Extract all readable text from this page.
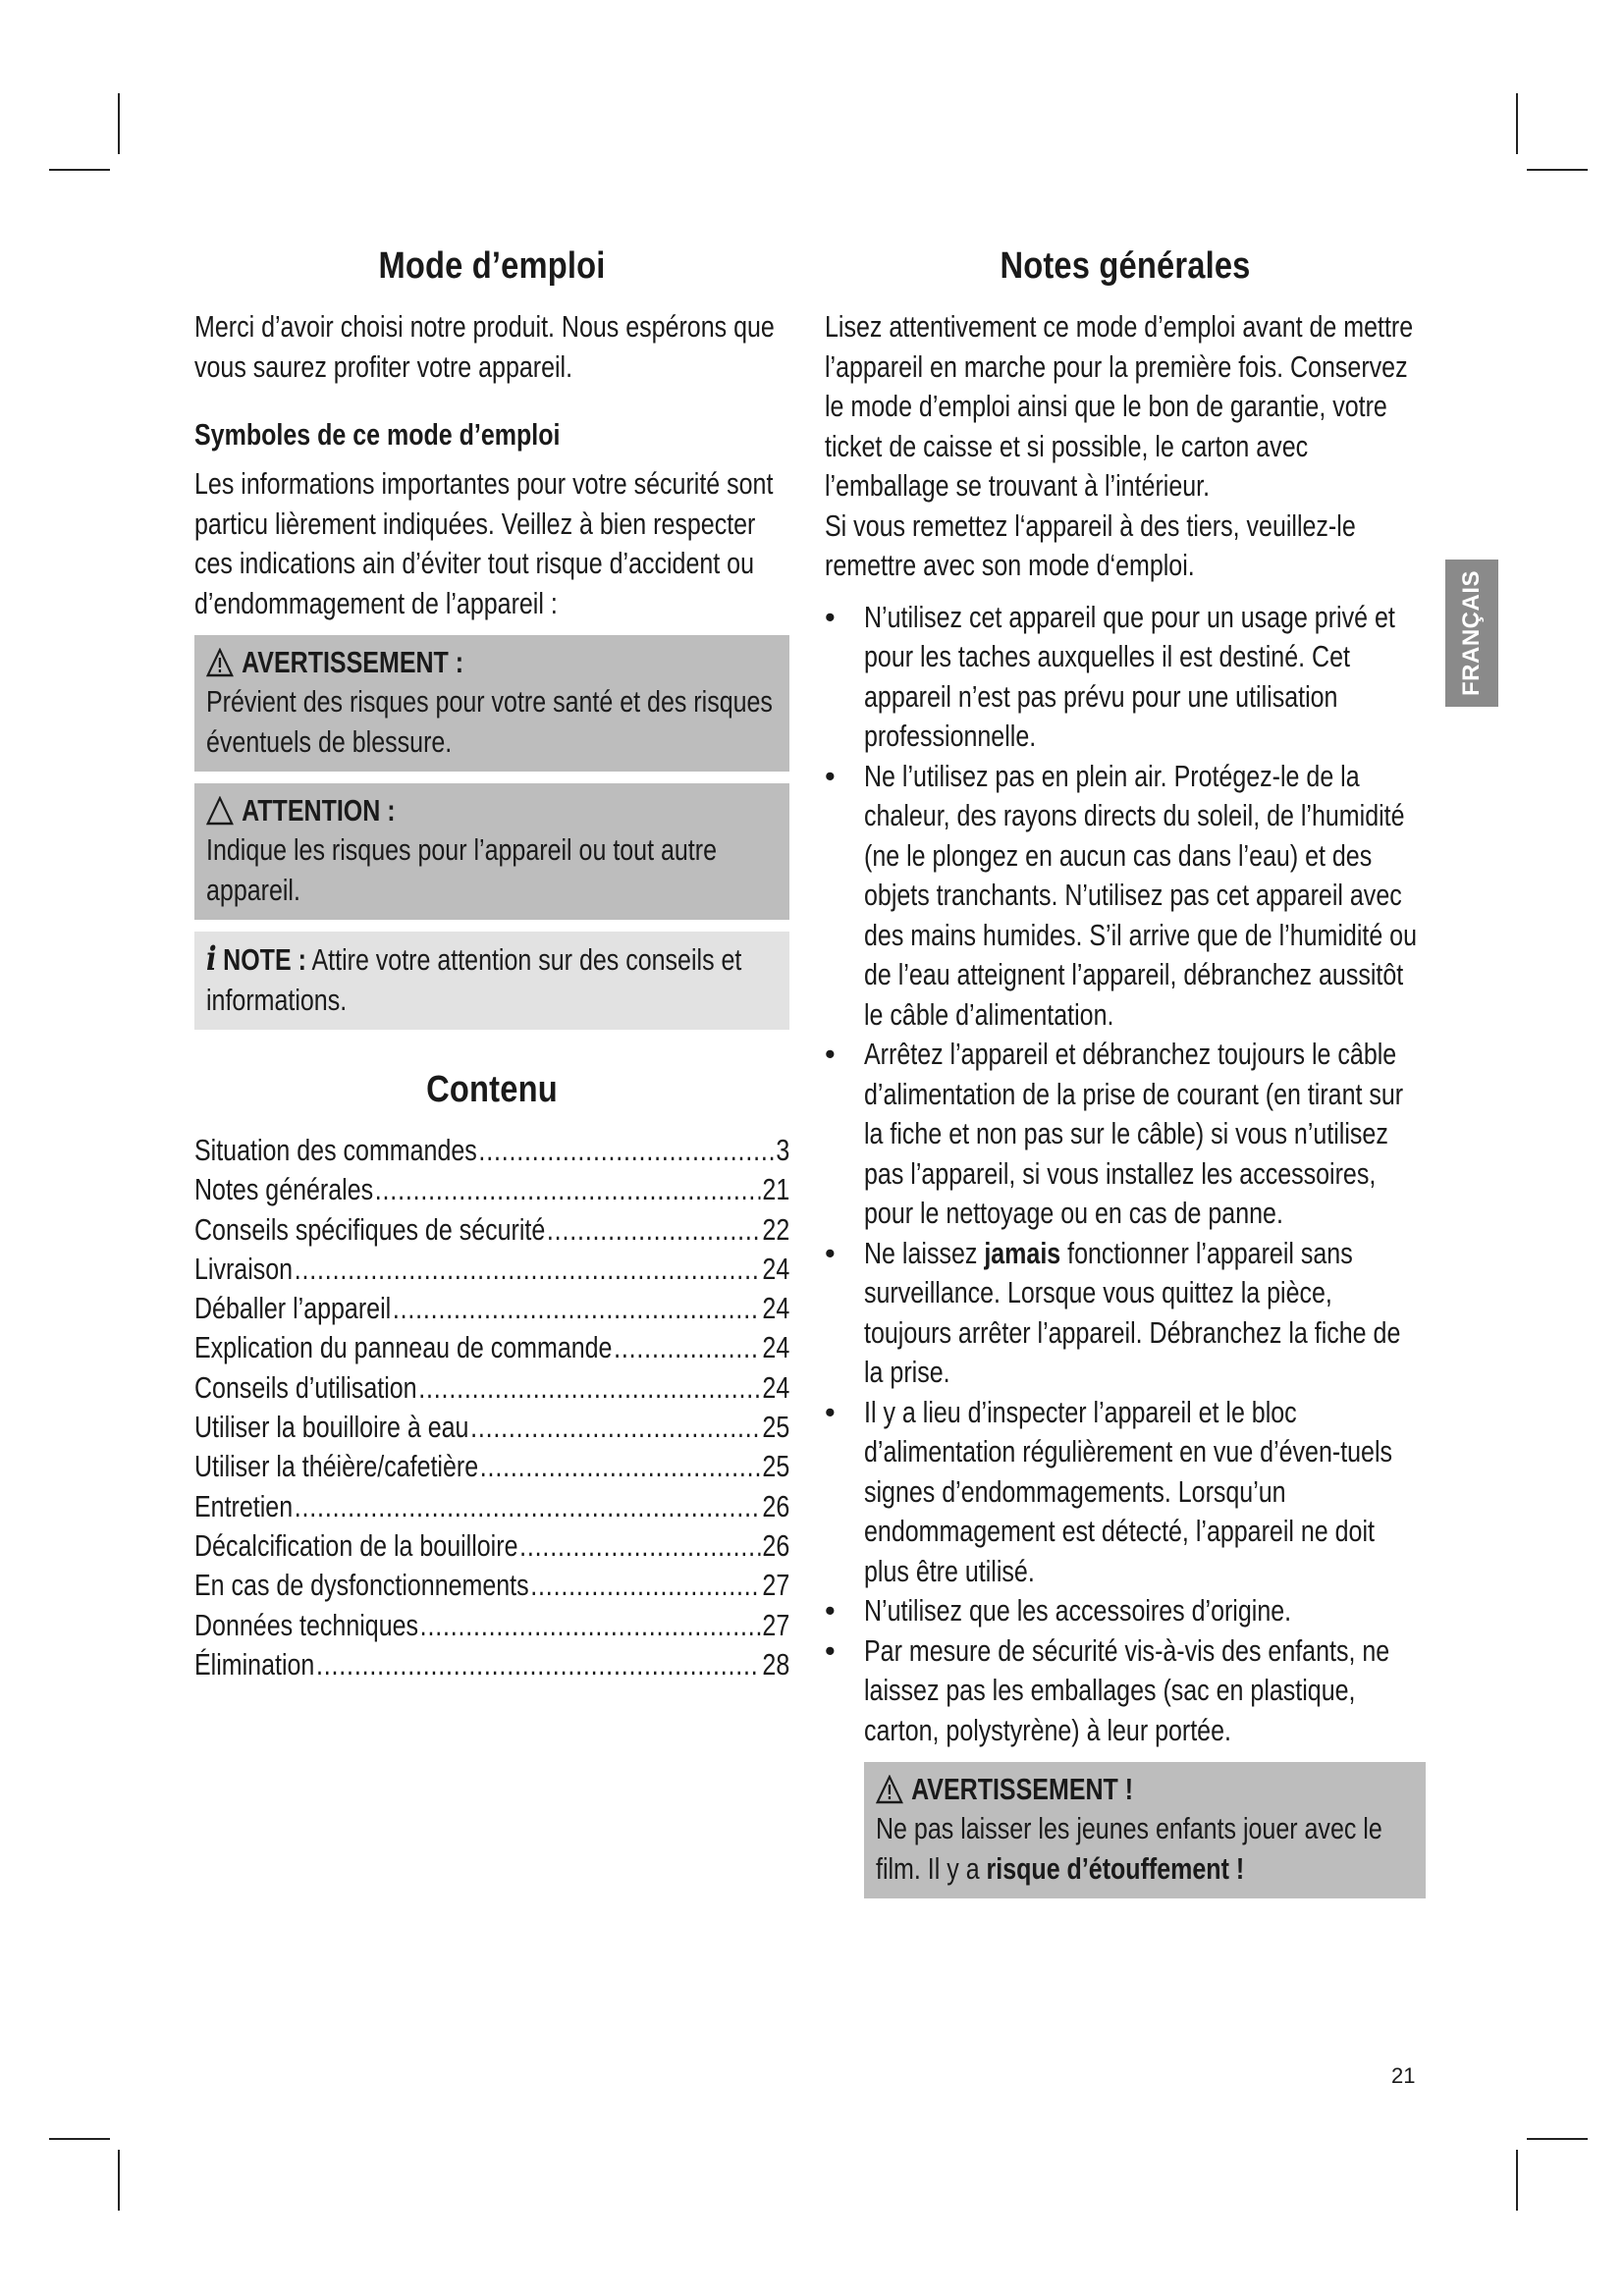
Mode d’emploi

Merci d’avoir choisi notre produit. Nous espérons que vous saurez profiter votre appareil.

Symboles de ce mode d’emploi

Les informations importantes pour votre sécurité sont particu lièrement indiquées. Veillez à bien respecter ces indications ain d’éviter tout risque d’accident ou d’endommagement de l’appareil :

AVERTISSEMENT :
Prévient des risques pour votre santé et des risques éventuels de blessure.
ATTENTION :
Indique les risques pour l’appareil ou tout autre appareil.
i NOTE : Attire votre attention sur des conseils et informations.
Contenu
Situation des commandes .....	3
Notes générales .....	21
Conseils spécifiques de sécurité .....	22
Livraison .....	24
Déballer l’appareil .....	24
Explication du panneau de commande .....	24
Conseils d’utilisation .....	24
Utiliser la bouilloire à eau .....	25
Utiliser la théière/cafetière .....	25
Entretien .....	26
Décalcification de la bouilloire .....	26
En cas de dysfonctionnements .....	27
Données techniques .....	27
Élimination .....	28
Notes générales

Lisez attentivement ce mode d’emploi avant de mettre l’appareil en marche pour la première fois. Conservez le mode d’emploi ainsi que le bon de garantie, votre ticket de caisse et si possible, le carton avec l’emballage se trouvant à l’intérieur.

Si vous remettez l‘appareil à des tiers, veuillez-le remettre avec son mode d‘emploi.

• N’utilisez cet appareil que pour un usage privé et pour les taches auxquelles il est destiné. Cet appareil n’est pas prévu pour une utilisation professionnelle.
• Ne l’utilisez pas en plein air. Protégez-le de la chaleur, des rayons directs du soleil, de l’humidité (ne le plongez en aucun cas dans l’eau) et des objets tranchants. N’utilisez pas cet appareil avec des mains humides. S’il arrive que de l’humidité ou de l’eau atteignent l’appareil, débranchez aussitôt le câble d’alimentation.
• Arrêtez l’appareil et débranchez toujours le câble d’alimentation de la prise de courant (en tirant sur la fiche et non pas sur le câble) si vous n’utilisez pas l’appareil, si vous installez les accessoires, pour le nettoyage ou en cas de panne.
• Ne laissez jamais fonctionner l’appareil sans surveillance. Lorsque vous quittez la pièce, toujours arrêter l’appareil. Débranchez la fiche de la prise.
• Il y a lieu d’inspecter l’appareil et le bloc d’alimentation régulièrement en vue d’éven-tuels signes d’endommagements. Lorsqu’un endommagement est détecté, l’appareil ne doit plus être utilisé.
• N’utilisez que les accessoires d’origine.
• Par mesure de sécurité vis-à-vis des enfants, ne laissez pas les emballages (sac en plastique, carton, polystyrène) à leur portée.
AVERTISSEMENT !
Ne pas laisser les jeunes enfants jouer avec le film. Il y a risque d’étouffement !
FRANÇAIS
21
